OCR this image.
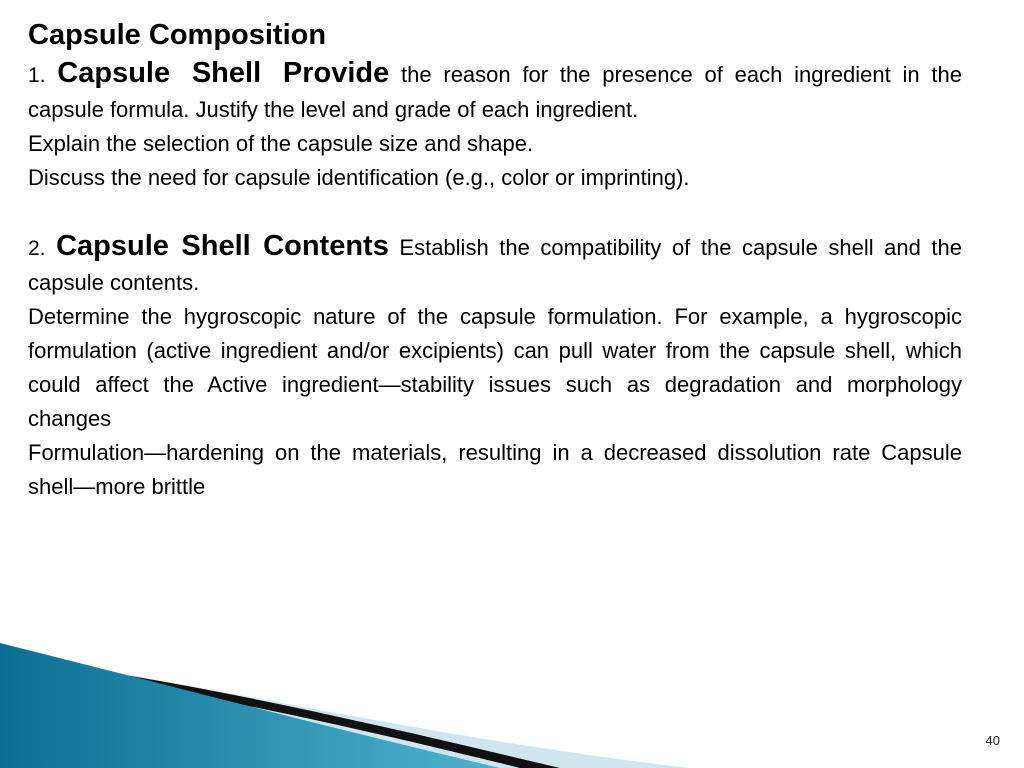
Capsule Composition

1. Capsule Shell Provide the reason for the presence of each ingredient in the capsule formula. Justify the level and grade of each ingredient.

Explain the selection of the capsule size and shape.

Discuss the need for capsule identification (e.g., color or imprinting).

2. Capsule Shell Contents Establish the compatibility of the capsule shell and the capsule contents.

Determine the hygroscopic nature of the capsule formulation. For example, a hygroscopic formulation (active ingredient and/or excipients) can pull water from the capsule shell, which could affect the Active ingredient—stability issues such as degradation and morphology changes

Formulation—hardening on the materials, resulting in a decreased dissolution rate Capsule shell—more brittle

40
